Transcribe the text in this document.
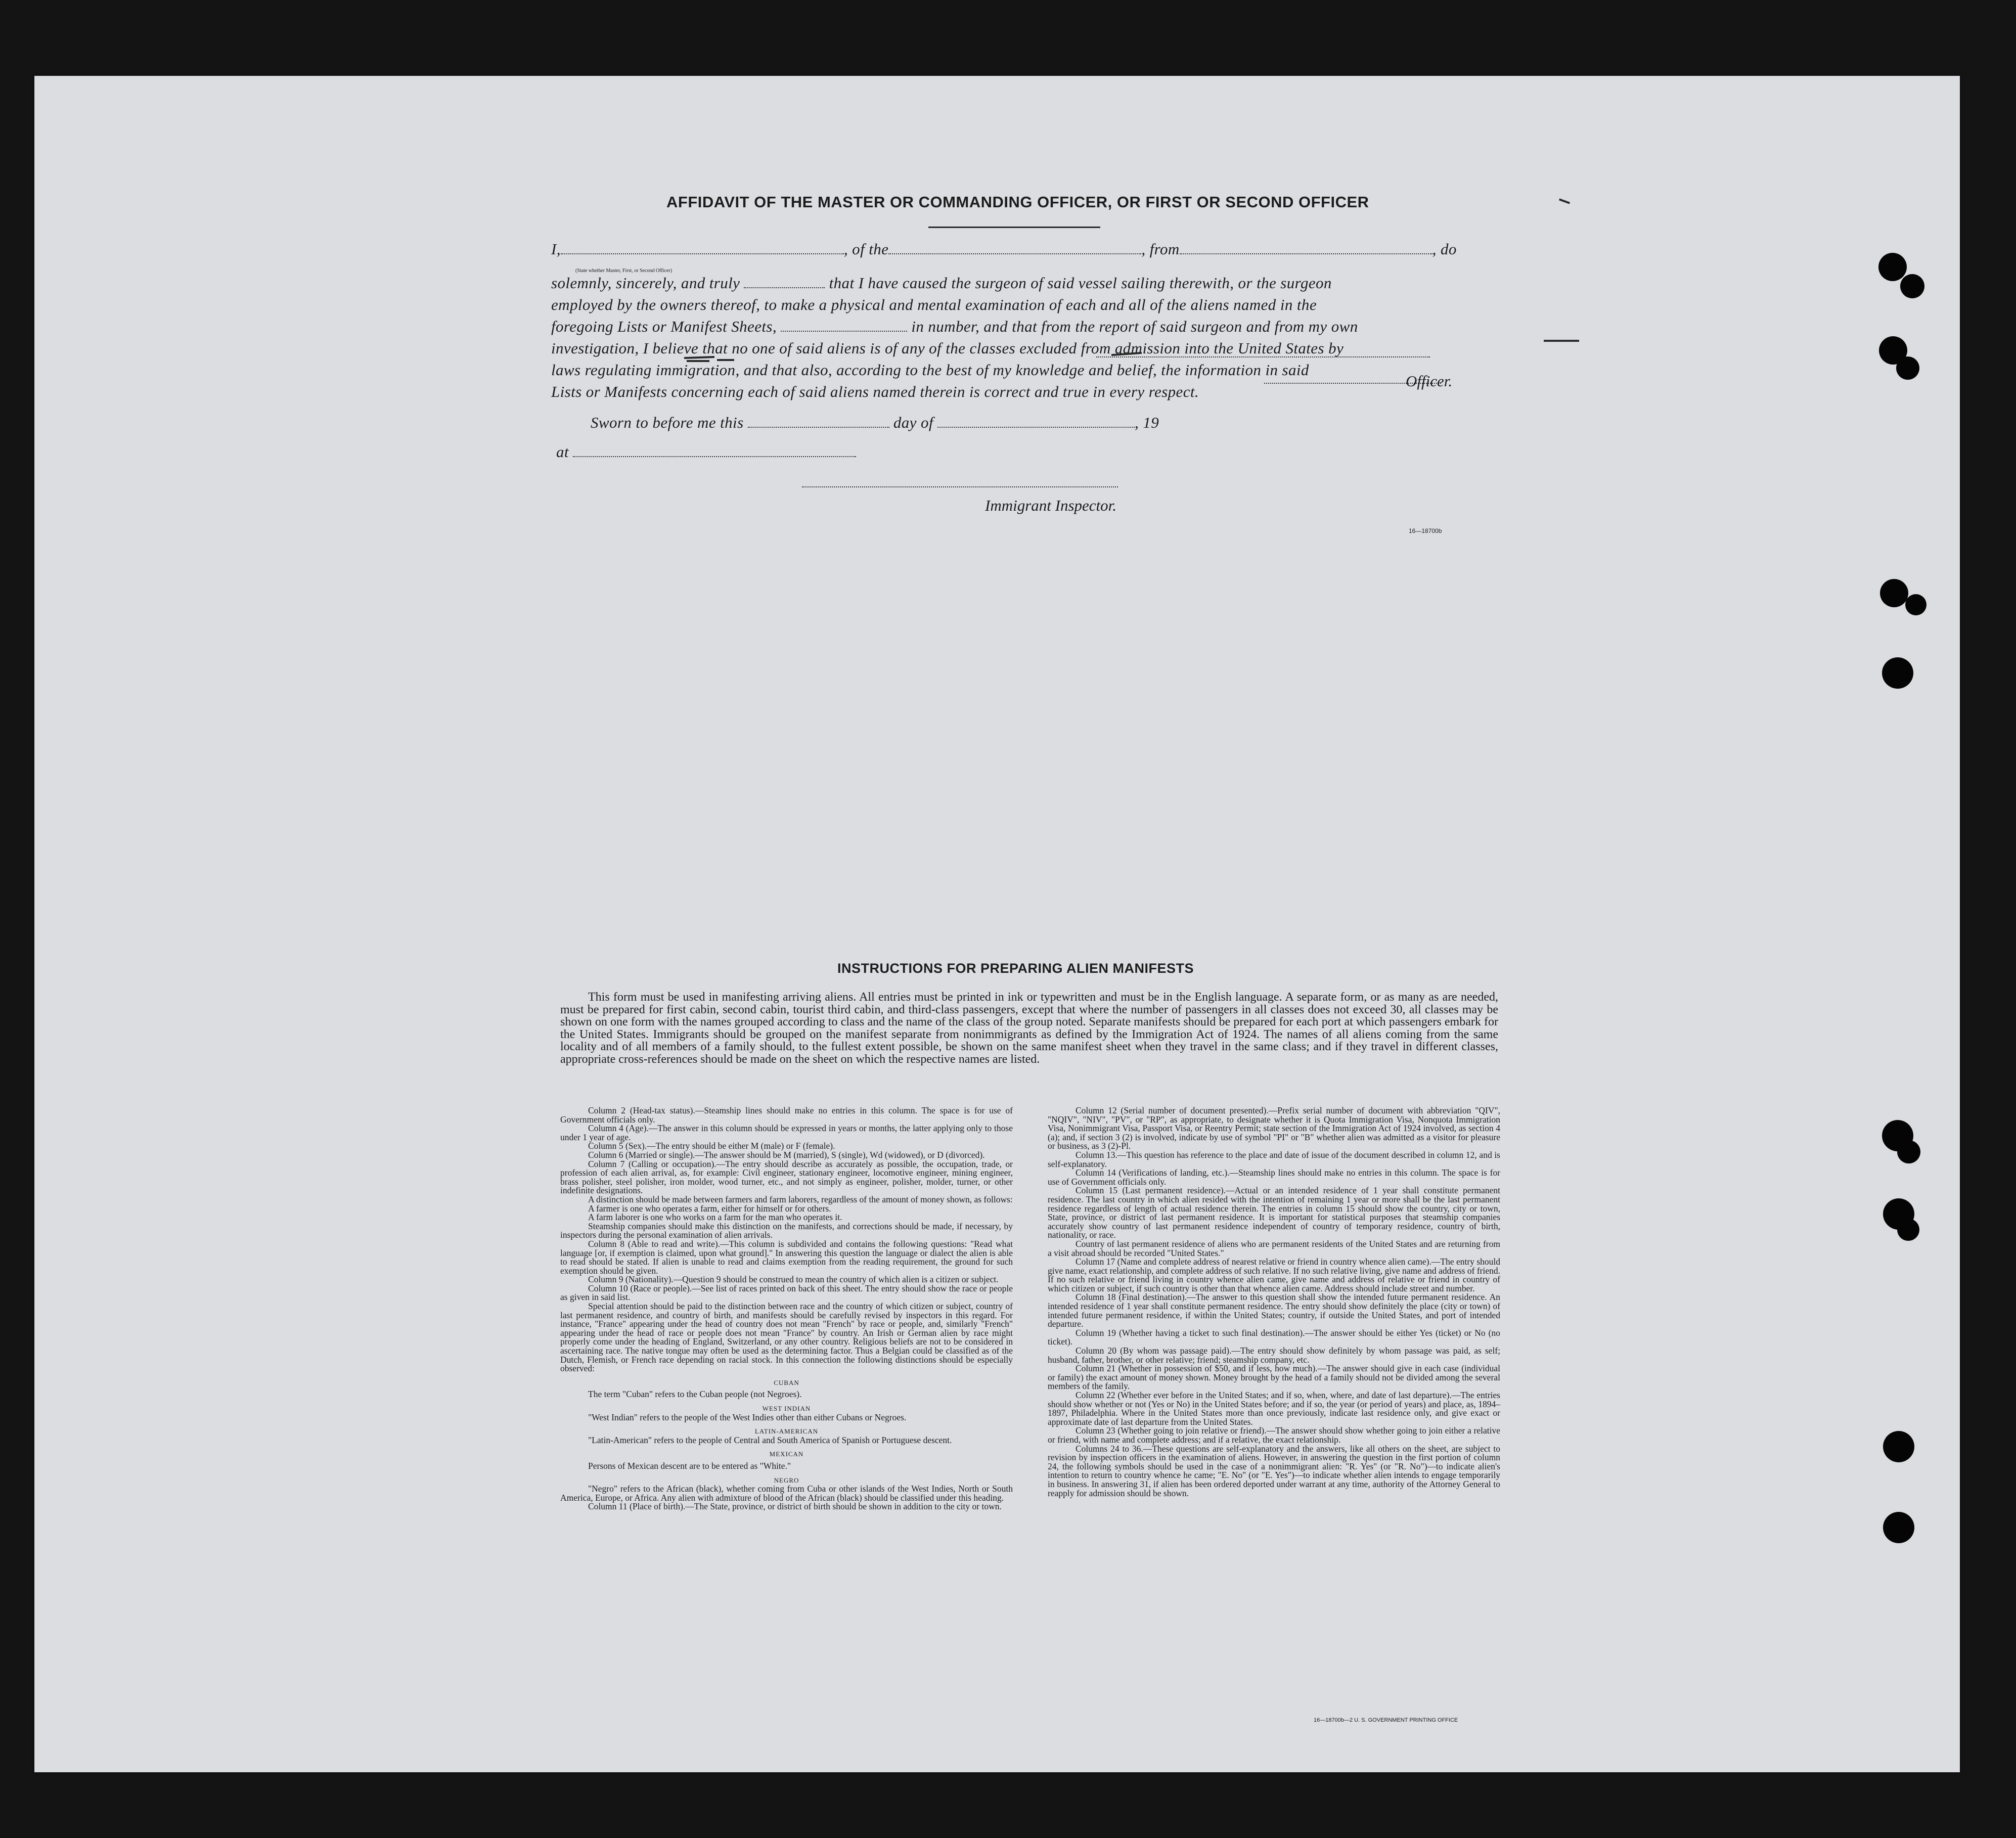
AFFIDAVIT OF THE MASTER OR COMMANDING OFFICER, OR FIRST OR SECOND OFFICER
I,	, of the	, from	, do
(State whether Master, First, or Second Officer)
solemnly, sincerely, and truly	that I have caused the surgeon of said vessel sailing therewith, or the surgeon
employed by the owners thereof, to make a physical and mental examination of each and all of the aliens named in the
foregoing Lists or Manifest Sheets,	in number, and that from the report of said surgeon and from my own
investigation, I believe that no one of said aliens is of any of the classes excluded from admission into the United States by
laws regulating immigration, and that also, according to the best of my knowledge and belief, the information in said
Lists or Manifests concerning each of said aliens named therein is correct and true in every respect.
Officer.
Sworn to before me this	day of	, 19
at
Immigrant Inspector.
16—18700b
INSTRUCTIONS FOR PREPARING ALIEN MANIFESTS

This form must be used in manifesting arriving aliens. All entries must be printed in ink or typewritten and must be in the English language. A separate form, or as many as are needed, must be prepared for first cabin, second cabin, tourist third cabin, and third-class passengers, except that where the number of passengers in all classes does not exceed 30, all classes may be shown on one form with the names grouped according to class and the name of the class of the group noted. Separate manifests should be prepared for each port at which passengers embark for the United States. Immigrants should be grouped on the manifest separate from nonimmigrants as defined by the Immigration Act of 1924. The names of all aliens coming from the same locality and of all members of a family should, to the fullest extent possible, be shown on the same manifest sheet when they travel in the same class; and if they travel in different classes, appropriate cross-references should be made on the sheet on which the respective names are listed.

Column 2 (Head-tax status).—Steamship lines should make no entries in this column. The space is for use of Government officials only.

Column 4 (Age).—The answer in this column should be expressed in years or months, the latter applying only to those under 1 year of age.

Column 5 (Sex).—The entry should be either M (male) or F (female).

Column 6 (Married or single).—The answer should be M (married), S (single), Wd (widowed), or D (divorced).

Column 7 (Calling or occupation).—The entry should describe as accurately as possible, the occupation, trade, or profession of each alien arrival, as, for example: Civil engineer, stationary engineer, locomotive engineer, mining engineer, brass polisher, steel polisher, iron molder, wood turner, etc., and not simply as engineer, polisher, molder, turner, or other indefinite designations.

A distinction should be made between farmers and farm laborers, regardless of the amount of money shown, as follows:

A farmer is one who operates a farm, either for himself or for others.

A farm laborer is one who works on a farm for the man who operates it.

Steamship companies should make this distinction on the manifests, and corrections should be made, if necessary, by inspectors during the personal examination of alien arrivals.

Column 8 (Able to read and write).—This column is subdivided and contains the following questions: "Read what language [or, if exemption is claimed, upon what ground]." In answering this question the language or dialect the alien is able to read should be stated. If alien is unable to read and claims exemption from the reading requirement, the ground for such exemption should be given.

Column 9 (Nationality).—Question 9 should be construed to mean the country of which alien is a citizen or subject.

Column 10 (Race or people).—See list of races printed on back of this sheet. The entry should show the race or people as given in said list.

Special attention should be paid to the distinction between race and the country of which citizen or subject, country of last permanent residence, and country of birth, and manifests should be carefully revised by inspectors in this regard. For instance, "France" appearing under the head of country does not mean "French" by race or people, and, similarly "French" appearing under the head of race or people does not mean "France" by country. An Irish or German alien by race might properly come under the heading of England, Switzerland, or any other country. Religious beliefs are not to be considered in ascertaining race. The native tongue may often be used as the determining factor. Thus a Belgian could be classified as of the Dutch, Flemish, or French race depending on racial stock. In this connection the following distinctions should be especially observed:

CUBAN

The term "Cuban" refers to the Cuban people (not Negroes).

WEST INDIAN

"West Indian" refers to the people of the West Indies other than either Cubans or Negroes.

LATIN-AMERICAN

"Latin-American" refers to the people of Central and South America of Spanish or Portuguese descent.

MEXICAN

Persons of Mexican descent are to be entered as "White."

NEGRO

"Negro" refers to the African (black), whether coming from Cuba or other islands of the West Indies, North or South America, Europe, or Africa. Any alien with admixture of blood of the African (black) should be classified under this heading.

Column 11 (Place of birth).—The State, province, or district of birth should be shown in addition to the city or town.

Column 12 (Serial number of document presented).—Prefix serial number of document with abbreviation "QIV", "NQIV", "NIV", "PV", or "RP", as appropriate, to designate whether it is Quota Immigration Visa, Nonquota Immigration Visa, Nonimmigrant Visa, Passport Visa, or Reentry Permit; state section of the Immigration Act of 1924 involved, as section 4 (a); and, if section 3 (2) is involved, indicate by use of symbol "PI" or "B" whether alien was admitted as a visitor for pleasure or business, as 3 (2)-Pl.

Column 13.—This question has reference to the place and date of issue of the document described in column 12, and is self-explanatory.

Column 14 (Verifications of landing, etc.).—Steamship lines should make no entries in this column. The space is for use of Government officials only.

Column 15 (Last permanent residence).—Actual or an intended residence of 1 year shall constitute permanent residence. The last country in which alien resided with the intention of remaining 1 year or more shall be the last permanent residence regardless of length of actual residence therein. The entries in column 15 should show the country, city or town, State, province, or district of last permanent residence. It is important for statistical purposes that steamship companies accurately show country of last permanent residence independent of country of temporary residence, country of birth, nationality, or race.

Country of last permanent residence of aliens who are permanent residents of the United States and are returning from a visit abroad should be recorded "United States."

Column 17 (Name and complete address of nearest relative or friend in country whence alien came).—The entry should give name, exact relationship, and complete address of such relative. If no such relative living, give name and address of friend. If no such relative or friend living in country whence alien came, give name and address of relative or friend in country of which citizen or subject, if such country is other than that whence alien came. Address should include street and number.

Column 18 (Final destination).—The answer to this question shall show the intended future permanent residence. An intended residence of 1 year shall constitute permanent residence. The entry should show definitely the place (city or town) of intended future permanent residence, if within the United States; country, if outside the United States, and port of intended departure.

Column 19 (Whether having a ticket to such final destination).—The answer should be either Yes (ticket) or No (no ticket).

Column 20 (By whom was passage paid).—The entry should show definitely by whom passage was paid, as self; husband, father, brother, or other relative; friend; steamship company, etc.

Column 21 (Whether in possession of $50, and if less, how much).—The answer should give in each case (individual or family) the exact amount of money shown. Money brought by the head of a family should not be divided among the several members of the family.

Column 22 (Whether ever before in the United States; and if so, when, where, and date of last departure).—The entries should show whether or not (Yes or No) in the United States before; and if so, the year (or period of years) and place, as, 1894–1897, Philadelphia. Where in the United States more than once previously, indicate last residence only, and give exact or approximate date of last departure from the United States.

Column 23 (Whether going to join relative or friend).—The answer should show whether going to join either a relative or friend, with name and complete address; and if a relative, the exact relationship.

Columns 24 to 36.—These questions are self-explanatory and the answers, like all others on the sheet, are subject to revision by inspection officers in the examination of aliens. However, in answering the question in the first portion of column 24, the following symbols should be used in the case of a nonimmigrant alien: "R. Yes" (or "R. No")—to indicate alien's intention to return to country whence he came; "E. No" (or "E. Yes")—to indicate whether alien intends to engage temporarily in business. In answering 31, if alien has been ordered deported under warrant at any time, authority of the Attorney General to reapply for admission should be shown.

16—18700b—2 U. S. GOVERNMENT PRINTING OFFICE
